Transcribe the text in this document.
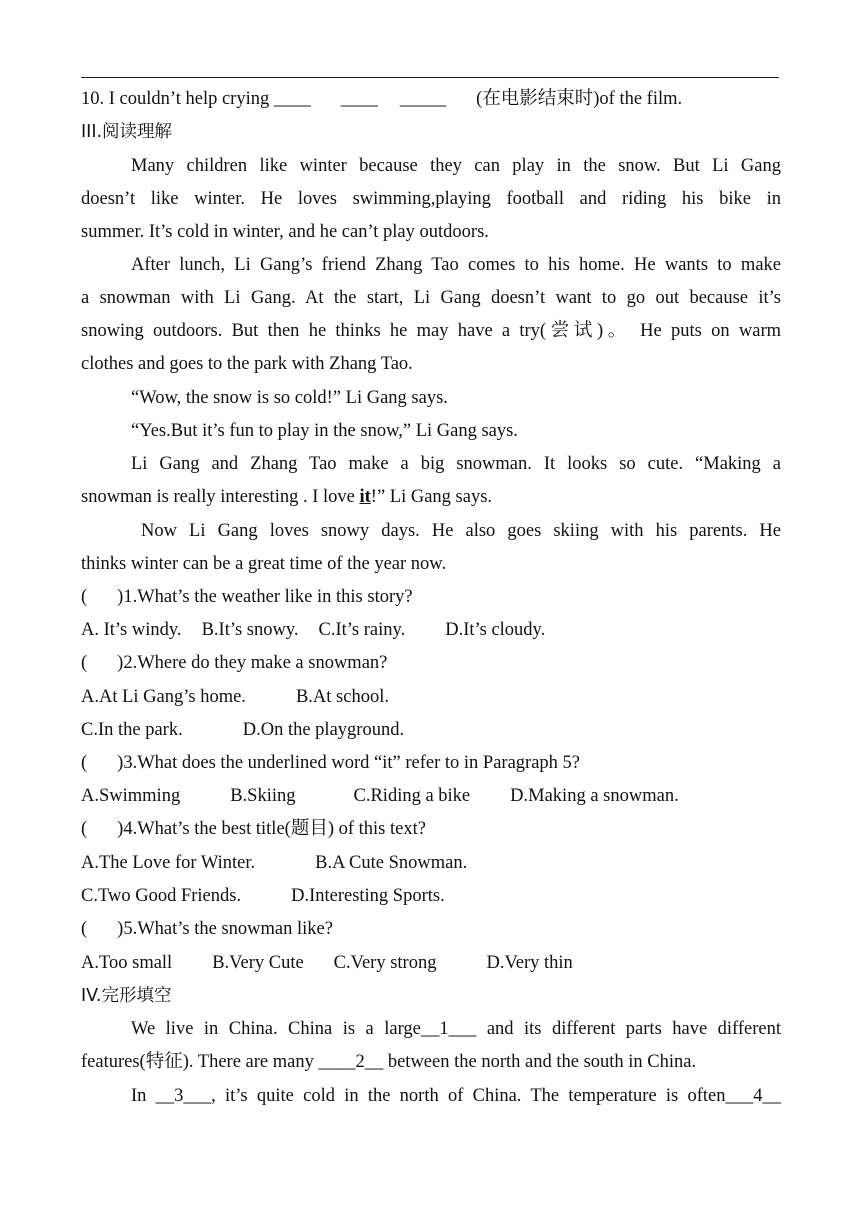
10. I couldn’t help crying ____ ____ _____ (在电影结束时)of the film.
III.阅读理解
Many children like winter because they can play in the snow. But Li Gang
doesn’t like winter. He loves swimming,playing football and riding his bike in
summer. It’s cold in winter, and he can’t play outdoors.
After lunch, Li Gang’s friend Zhang Tao comes to his home. He wants to make
a snowman with Li Gang. At the start, Li Gang doesn’t want to go out because it’s
snowing outdoors. But then he thinks he may have a try(尝试)。 He puts on warm
clothes and goes to the park with Zhang Tao.
“Wow, the snow is so cold!” Li Gang says.
“Yes.But it’s fun to play in the snow,” Li Gang says.
Li Gang and Zhang Tao make a big snowman. It looks so cute. “Making a
snowman is really interesting . I love it!” Li Gang says.
Now Li Gang loves snowy days. He also goes skiing with his parents. He
thinks winter can be a great time of the year now.
( )1.What’s the weather like in this story?
A. It’s windy. B.It’s snowy. C.It’s rainy. D.It’s cloudy.
( )2.Where do they make a snowman?
A.At Li Gang’s home.	B.At school.
C.In the park.	D.On the playground.
( )3.What does the underlined word “it” refer to in Paragraph 5?
A.Swimming	B.Skiing	C.Riding a bike D.Making a snowman.
( )4.What’s the best title(题目) of this text?
A.The Love for Winter.	B.A Cute Snowman.
C.Two Good Friends.	D.Interesting Sports.
( )5.What’s the snowman like?
A.Too small B.Very Cute C.Very strong	D.Very thin
IV.完形填空
We live in China. China is a large__1___ and its different parts have different
features(特征). There are many ____2__ between the north and the south in China.
In __3___, it’s quite cold in the north of China. The temperature is often___4__
